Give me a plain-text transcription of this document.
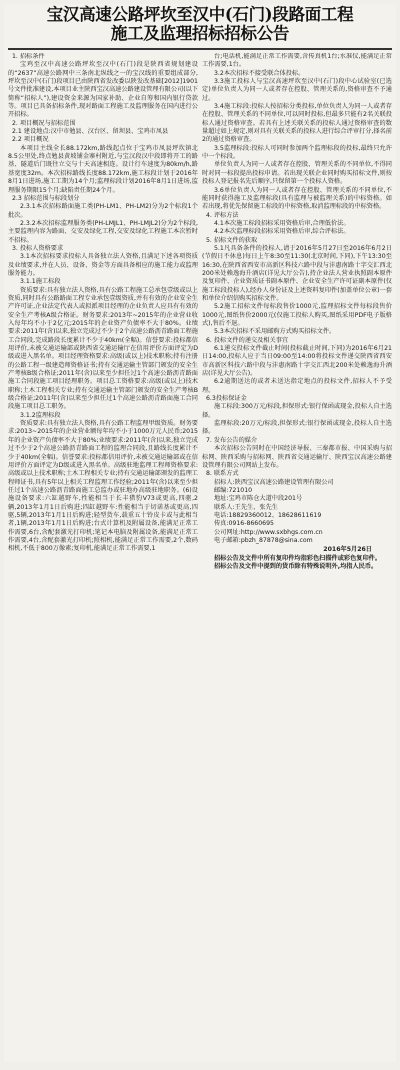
宝汉高速公路坪坎至汉中(石门)段路面工程
施工及监理招标招标公告

1. 招标条件

宝鸡至汉中高速公路坪坎至汉中(石门)段是陕西省规划建设的“2637”高速公路网中三条南北纵线之一的宝汉线的重要组成部分,坪坎至汉中(石门)段项目已由陕西省发改委以陕发改基础[2012]1901号文件批准建设,本项目业主陕西宝汉高速公路建设管理有限公司(以下简称“招标人”),建设资金来源为国家补助、企业自筹和国内银行贷款等。项目已具备招标条件,现对路面工程施工及监理服务在国内进行公开招标。

2. 项目概况与招标范围

2.1 建设地点:汉中市勉县、汉台区、留坝县、宝鸡市凤县

2.2 项目概况

本项目主线全长88.172km,路线起点位于宝鸡市凤县坪坎镇北8.5公里处,终点勉县黄坡铺金寨村附近,与宝汉段汉中段即将开工的路基、隧道后门既往立交与十天高速相连。设计行车速度为80km/h,路基宽度32m。本次招标路线长度88.172km,施工标段计划于2016年8月1日进场,施工工期为14个月;监理标段计划2016年8月1日进场,监理服务期限15个月;缺陷责任期24个月。

2.3 招标范围与标段划分

2.3.1本次招标路面施工类(PH-LM1、PH-LM2)分为2个标段1个批次。

2.3.2本次招标监理服务类(PH-LMJL1、PH-LMJL2)分为2个标段,主要监理内容为路面、交安及绿化工程,交安及绿化工程施工本次暂时不招标。

3. 投标人资格要求

3.1本次招标要求投标人具备独立法人资格,且满足下述各项资质及业绩要求,并在人员、设备、资金等方面具备相应的施工能力或监理服务能力。

3.1.1施工标段

资质要求:具有独立法人资格,具有公路工程施工总承包壹级或以上资质,同时具有公路路面工程专业承包壹级资质,并有有效的企业安全生产许可证,企业法定代表人或拟派项目经理的企业负责人应具有有效的安全生产考核A级合格证。财务要求:2013年~2015年的企业营业收入每年均不小于2亿元;2015年的企业资产负债率不大于80%。业绩要求:2011年(含)以来,独立完成过不少于2个高速公路沥青路面工程施工合同段,完成路段长度累计不少于40km(全幅)。信誉要求:投标都信用评价,未被交通运输部或陕西省交通运输厅在信用评价方面评定为D级或进入黑名单。项目经理资格要求:高级(或以上)技术职称;持有注册的公路工程一级建造师资格证书;持有交通运输主管部门颁发的安全生产考核B级合格证;2011年(含)以来至少担任过1个高速公路沥青路面施工合同段施工项目经理职务。项目总工资格要求:高级(或以上)技术职称;土木工程相关专业;持有交通运输主管部门颁发的安全生产考核B级合格证;2011年(含)以来至少担任过1个高速公路沥青路面施工合同段施工项目总工职务。

3.1.2监理标段

资质要求:具有独立法人资格,具有公路工程监理甲级资质。财务要求:2013~2015年的企业营业额每年均不小于1000万元人民币;2015年的企业资产负债率不大于80%;业绩要求:2011年(含)以来,独立完成过不少于2个高速公路沥青路面工程的监理合同段,且路线长度累计不少于40km(全幅)。信誉要求:投标都信用评价,未被交通运输部或在信用评价方面评定为D级或进入黑名单。高级驻地监理工程师资格要求:高级或以上技术职称;土木工程相关专业;持有交通运输部颁发的监理工程师证书,具有5年以上相关工程监理工作经验;2011年(含)以来至少担任过1个高速公路沥青路面施工总监办或驻地办高级驻地职务。(6)设施设备要求:六缸越野车,性能相当于长丰猎豹V73或更高,四驱,2辆,2013年1月1日后购进;四缸越野车:性能相当于切诺基或更高,四驱,5辆,2013年1月1日后购进;轻型货车,载重五十铃皮卡或与此相当者,1辆,2013年1月1日后购进;台式计算机及附属设备,能满足正常工作需要,6台,含配套激光打印机;笔记本电脑及附属设备,能满足正常工作需要,4台,含配套激光打印机;照相机,能满足正常工作需要,2个,数码相机,不低于800万像素;复印机,能满足正常工作需要,1

台;电话机,能满足正常工作需要,含传真机1台;水准仪,能满足正常工作需要,1台。

3.2本次招标不接受联合体投标。

3.3施工投标人与宝汉高速坪坎至汉中(石门)段中心试验室(已选定)单位负责人为同一人或者存在控股、管理关系的,资格审查不予通过。

3.4施工标段:投标人按招标分类投标,单位负责人为同一人或者存在控股、管理关系的不同单位,可以同时投标,但最多只能有2名关联投标人通过资格审查。若具有上述关联关系的投标人通过资格审查的数量超过如上规定,则对具有关联关系的投标人进行综合评审打分,择名前2的通过资格审查。

3.5监理标段:投标人可同时参加两个监理标段的投标,最终只允许中一个标段。

单位负责人为同一人或者存在控股、管理关系的不同单位,不得同时对同一标段提出投标申请。若出现关联企业同时购买招标文件,则按投标人登记报名先后顺序,只保留第一个投标人资格。

3.6单位负责人为同一人或者存在控股、管理关系的不同单位,不能同时获得施工及监理标段(具有监理与被监理关系)的中标资格。如若出现,将优先保留施工标段的中标资格,取消监理标段的中标资格。

4. 评标方法

4.1本次施工标段招标采用资格后审,合理低价法。

4.2本次监理标段招标采用资格后审,综合评标法。

5. 招标文件的获取

5.1凡具备条件的投标人,请于2016年5月27日至2016年6月2日(节假日不休息)每日上午8:30至11:30(北京时间,下同),下午13:30至16:30,在陕西省西安市高新区科技六路中段与沣惠南路十字交汇西北200米处赖逸海升酒店(详见大厅公告),持企业法人营业执照副本原件及复印件、企业资质证书副本原件、企业安全生产许可证副本原件(仅施工标段投标人),经办人身份证及上述资料复印件(加盖单位公章)一套和单位介绍信购买招标文件。

5.2施工招标文件每标段售价1000元,监理招标文件每标段售价1000元,图纸售价2000元(仅施工投标人购买,图纸采用PDF电子版格式),售后不退。

5.3本次招标不采用邮购方式购买招标文件。

6. 投标文件的递交及相关事宜

6.1递交投标文件截止时间(投标截止时间,下同)为2016年6月21日14:00,投标人应于当日09:00至14:00将投标文件递交陕西省西安市高新区科技六路中段与沣惠南路十字交汇西北200米处赖逸海升酒店(详见大厅公告)。

6.2逾期送达的或者未送达指定地点的投标文件,招标人不予受理。

6.3投标保证金

施工标段:300万元/标段,担保形式:银行保函或现金,投标人自主选择。

监理标段:20万元/标段,担保形式:银行保函或现金,投标人自主选择。

7. 发布公告的媒介

本次招标公告同时在中国经济导报、三秦都市报、中国采购与招标网、陕西采购与招标网、陕西省交通运输厅、陕西宝汉高速公路建设管理有限公司网站上发布。

8. 联系方式

招标人:陕西宝汉高速公路建设管理有限公司

邮编:721010

地址:宝鸡市陈仓大道中段201号

联系人:王先生、张先生

电话:18829360012、18628611619

传真:0916-8660695

公司网址:http://www.sxbhgs.com.cn

电子邮箱:pbzh_87878@sina.com

2016年5月26日

招标公告及文件中所有复印件均指彩色扫描件或彩色复印件。

招标公告及文件中提到的货币除有特殊说明外,均指人民币。
